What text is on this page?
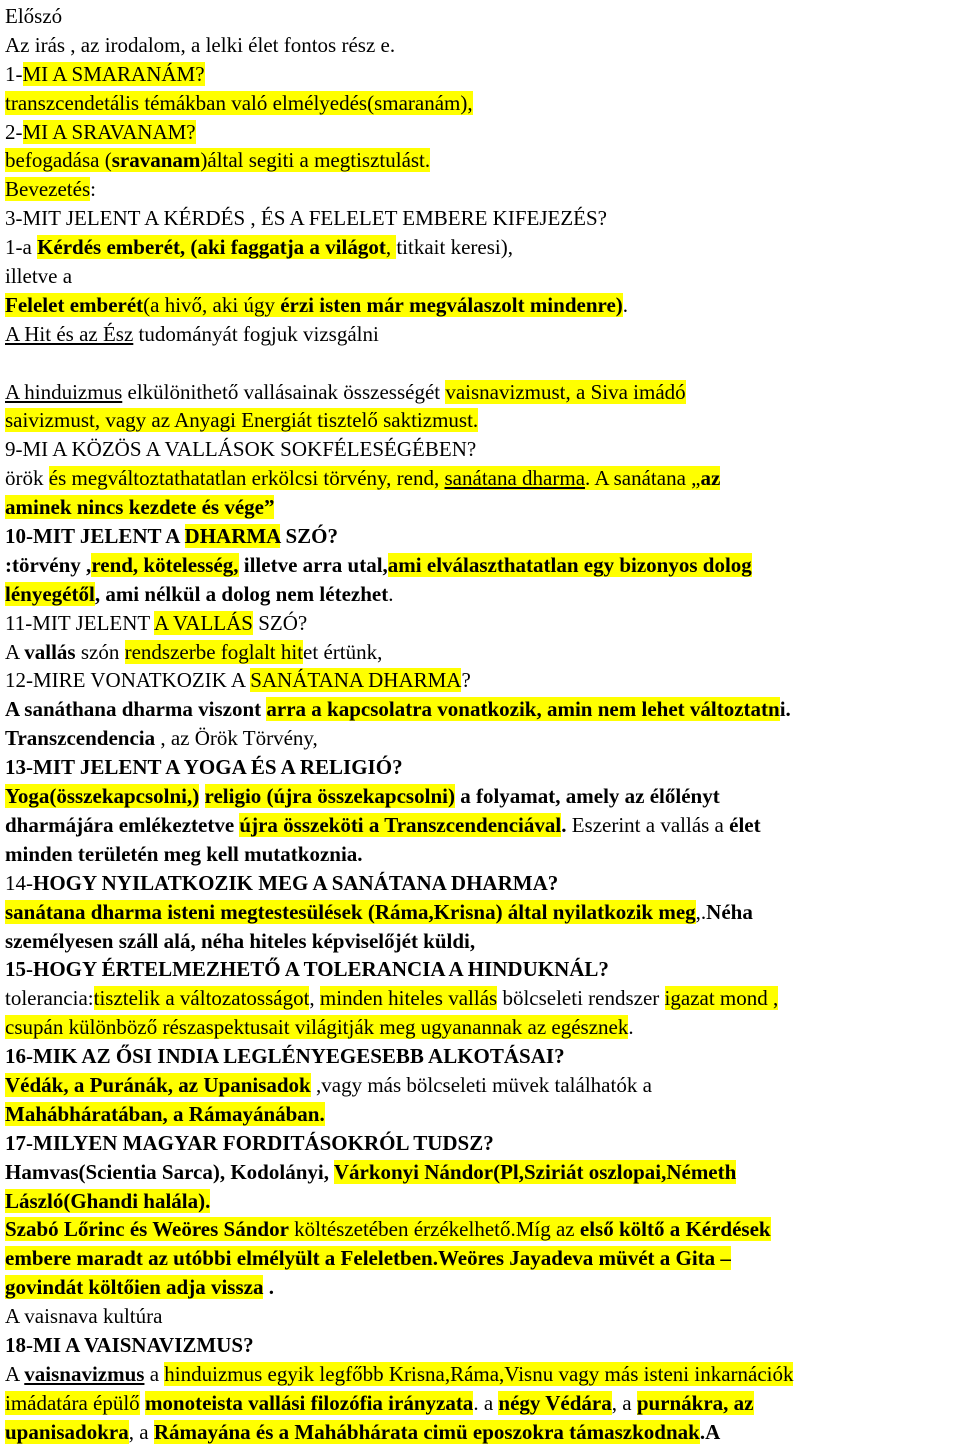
Előszó
Az irás , az irodalom, a lelki élet fontos rész e.
1-MI A SMARANÁM?
transzcendetális témákban való elmélyedés(smaranám),
2-MI A SRAVANAM?
befogadása (sravanam)által segiti a megtisztulást.
Bevezetés:
3-MIT JELENT A KÉRDÉS , ÉS A FELELET EMBERE KIFEJEZÉS?
1-a Kérdés emberét, (aki faggatja a világot, titkait keresi),
illetve a
Felelet emberét(a hivő, aki úgy érzi isten már megválaszolt mindenre).
A Hit és az Ész tudományát fogjuk vizsgálni
A hinduizmus elkülönithető vallásainak összességét vaisnavizmust, a Siva imádó
saivizmust, vagy az Anyagi Energiát tisztelő saktizmust.
9-MI A KÖZÖS A VALLÁSOK SOKFÉLESÉGÉBEN?
örök és megváltoztathatatlan erkölcsi törvény, rend, sanátana dharma. A sanátana „az
aminek nincs kezdete és vége”
10-MIT JELENT A DHARMA SZÓ?
:törvény ,rend, kötelesség, illetve arra utal,ami elválaszthatatlan egy bizonyos dolog
lényegétől, ami nélkül a dolog nem létezhet.
11-MIT JELENT A VALLÁS SZÓ?
A vallás szón rendszerbe foglalt hitet értünk,
12-MIRE VONATKOZIK A SANÁTANA DHARMA?
A sanáthana dharma viszont arra a kapcsolatra vonatkozik, amin nem lehet változtatni.
Transzcendencia , az Örök Törvény,
13-MIT JELENT A YOGA ÉS A RELIGIÓ?
Yoga(összekapcsolni,) religio (újra összekapcsolni) a folyamat, amely az élőlényt
dharmájára emlékeztetve újra összeköti a Transzcendenciával. Eszerint a vallás a élet
minden területén meg kell mutatkoznia.
14-HOGY NYILATKOZIK MEG A SANÁTANA DHARMA?
sanátana dharma isteni megtestesülések (Ráma,Krisna) által nyilatkozik meg,.Néha
személyesen száll alá, néha hiteles képviselőjét küldi,
15-HOGY ÉRTELMEZHETŐ A TOLERANCIA A HINDUKNÁL?
tolerancia:tisztelik a változatosságot, minden hiteles vallás bölcseleti rendszer igazat mond ,
csupán különböző részaspektusait világitják meg ugyanannak az egésznek.
16-MIK AZ ŐSI INDIA LEGLÉNYEGESEBB ALKOTÁSAI?
Védák, a Puránák, az Upanisadok ,vagy más bölcseleti müvek találhatók a
Mahábháratában, a Rámayánában.
17-MILYEN MAGYAR FORDITÁSOKRÓL TUDSZ?
Hamvas(Scientia Sarca), Kodolányi, Várkonyi Nándor(Pl,Sziriát oszlopai,Németh
László(Ghandi halála).
Szabó Lőrinc és Weöres Sándor költészetében érzékelhető.Míg az első költő a Kérdések
embere maradt az utóbbi elmélyült a Feleletben.Weöres Jayadeva müvét a Gita –
govindát költőien adja vissza .
A vaisnava kultúra
18-MI A VAISNAVIZMUS?
A vaisnavizmus a hinduizmus egyik legfőbb Krisna,Ráma,Visnu vagy más isteni inkarnációk
imádatára épülő monoteista vallási filozófia irányzata. a négy Védára, a purnákra, az
upanisadokra, a Rámayána és a Mahábhárata cimü eposzokra támaszkodnak.A
